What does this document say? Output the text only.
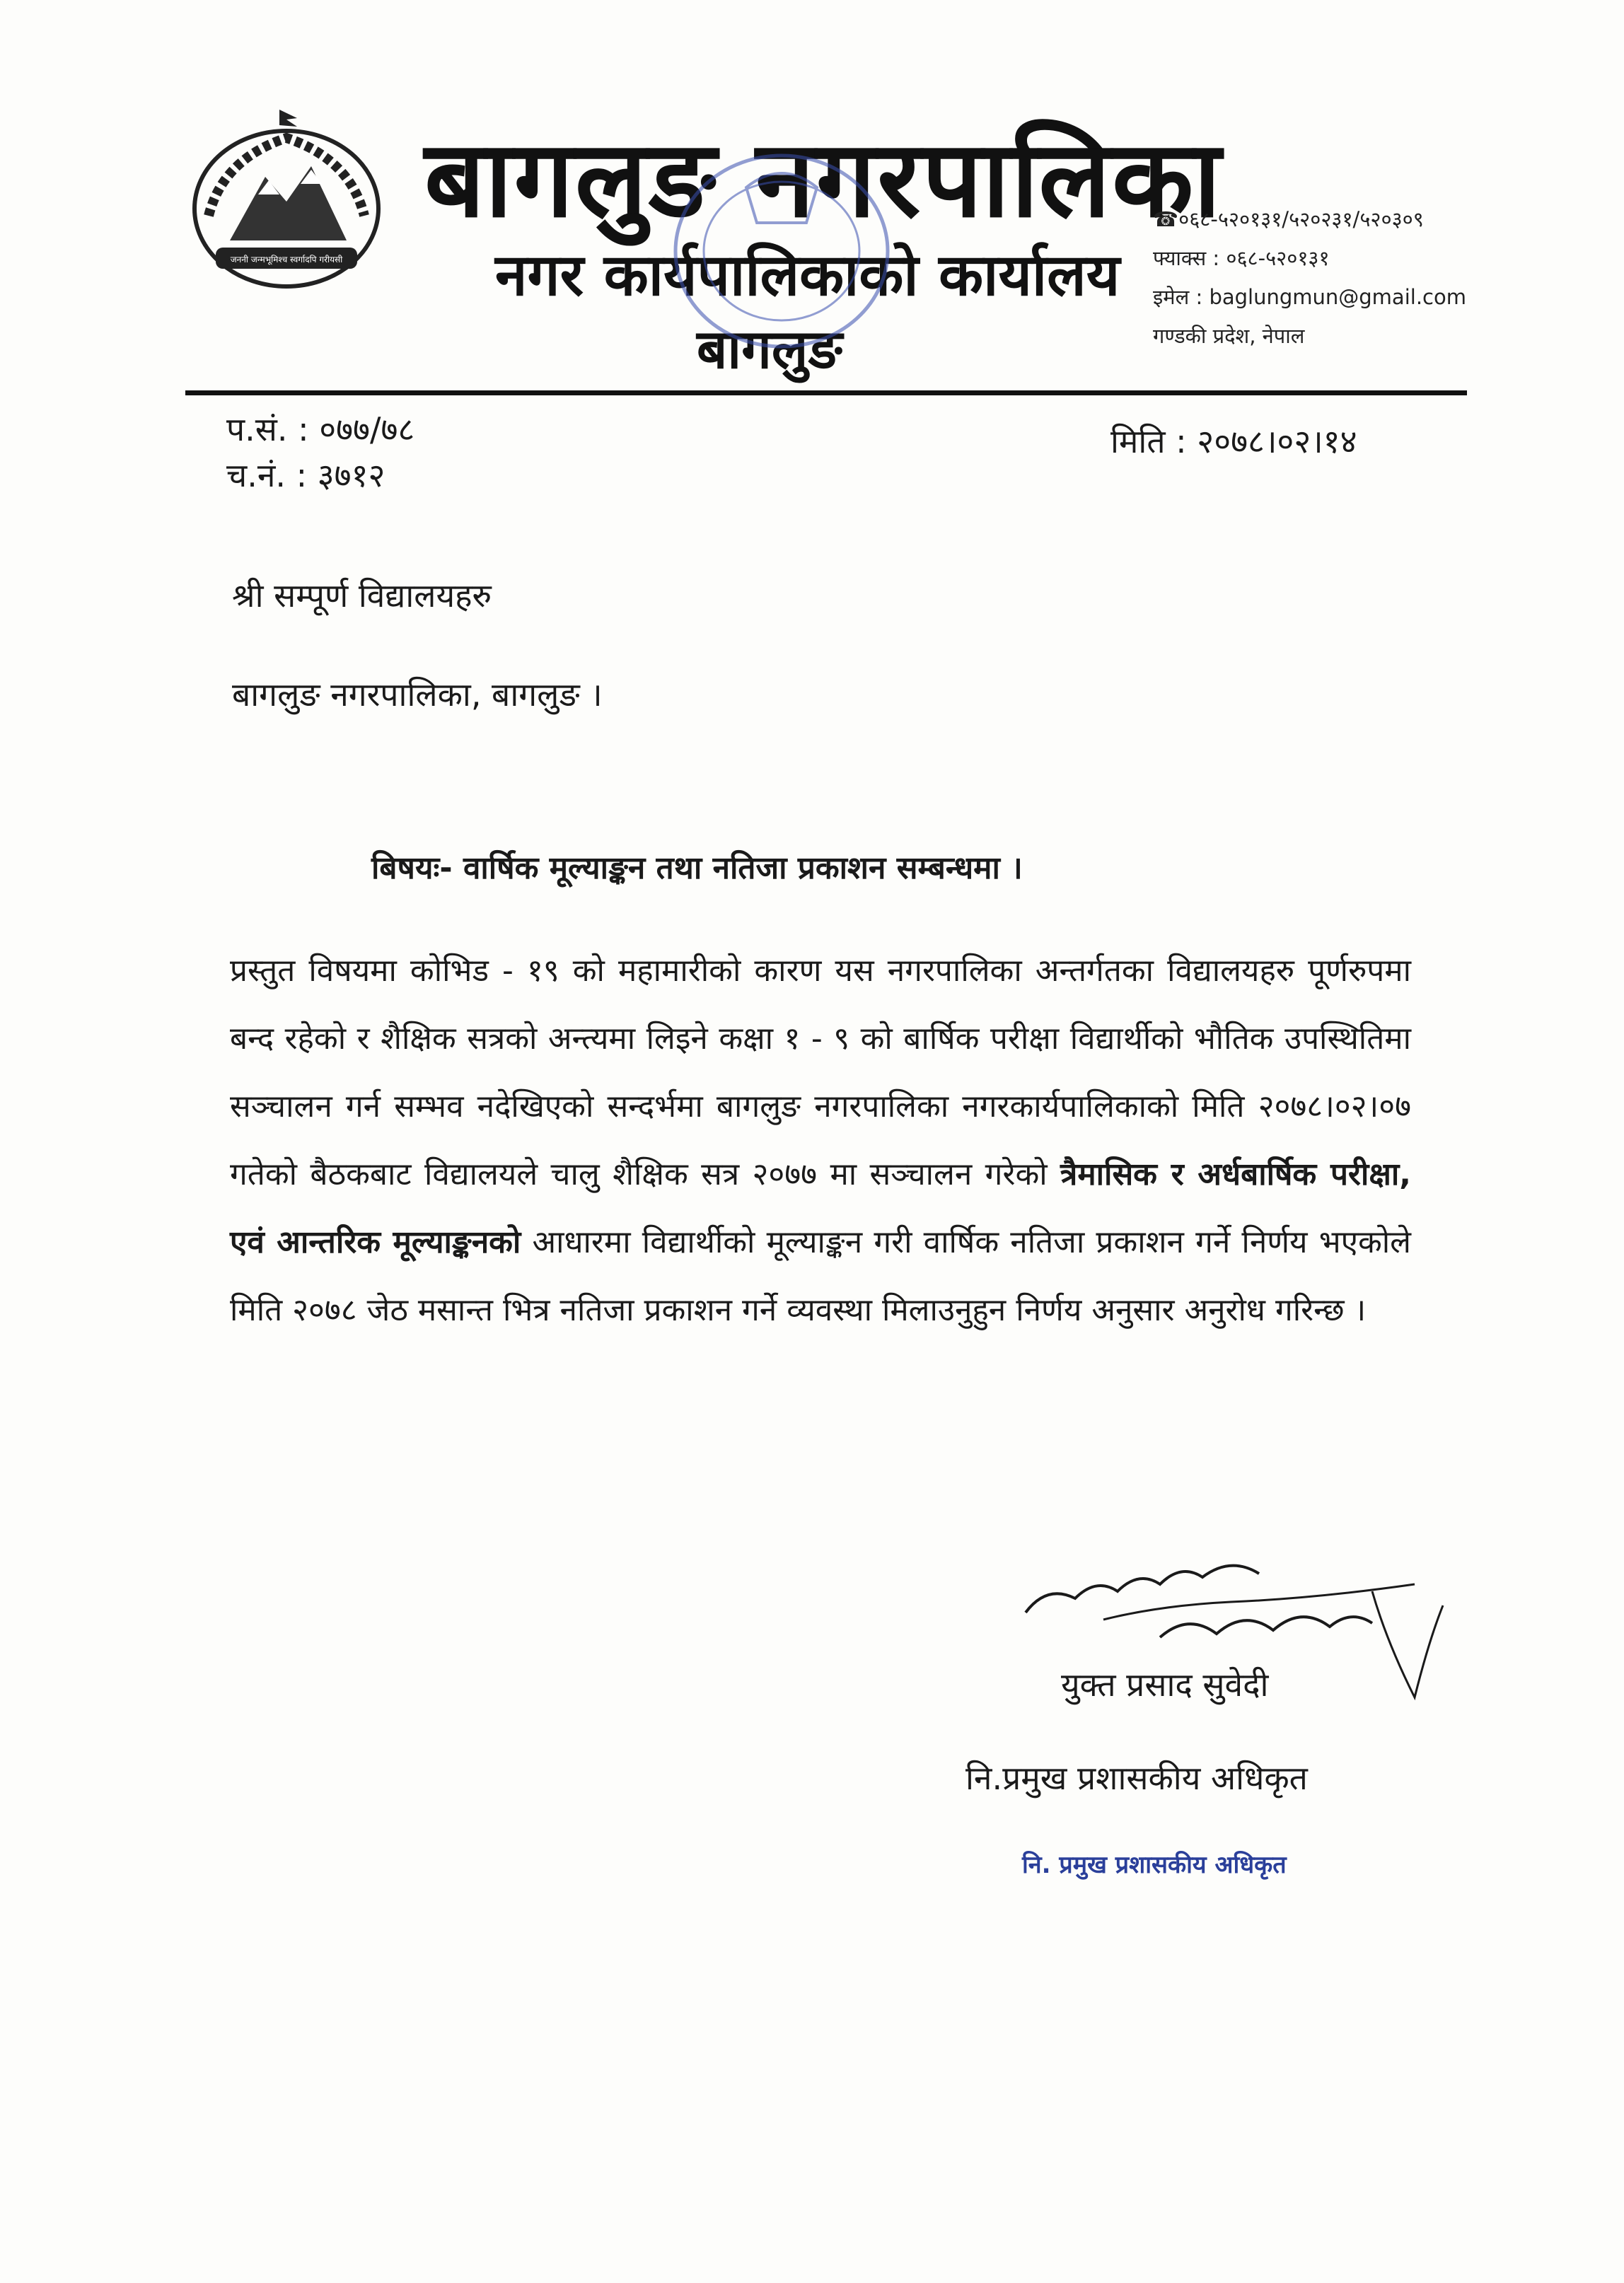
जननी जन्मभूमिश्च स्वर्गादपि गरीयसी
बागलुङ नगरपालिका
नगर कार्यपालिकाको कार्यालय
बागलुङ
☎०६८-५२०१३१/५२०२३१/५२०३०९
फ्याक्स : ०६८-५२०१३१
इमेल : baglungmun@gmail.com
गण्डकी प्रदेश, नेपाल
प.सं. : ०७७/७८
च.नं. : ३७१२
मिति : २०७८।०२।१४
श्री सम्पूर्ण विद्यालयहरु
बागलुङ नगरपालिका, बागलुङ ।
बिषयः- वार्षिक मूल्याङ्कन तथा नतिजा प्रकाशन सम्बन्धमा ।
प्रस्तुत विषयमा कोभिड - १९ को महामारीको कारण यस नगरपालिका अन्तर्गतका विद्यालयहरु पूर्णरुपमा बन्द रहेको र शैक्षिक सत्रको अन्त्यमा लिइने कक्षा १ - ९ को बार्षिक परीक्षा विद्यार्थीको भौतिक उपस्थितिमा सञ्चालन गर्न सम्भव नदेखिएको सन्दर्भमा बागलुङ नगरपालिका नगरकार्यपालिकाको मिति २०७८।०२।०७ गतेको बैठकबाट विद्यालयले चालु शैक्षिक सत्र २०७७ मा सञ्चालन गरेको त्रैमासिक र अर्धबार्षिक परीक्षा, एवं आन्तरिक मूल्याङ्कनको आधारमा विद्यार्थीको मूल्याङ्कन गरी वार्षिक नतिजा प्रकाशन गर्ने निर्णय भएकोले मिति २०७८ जेठ मसान्त भित्र नतिजा प्रकाशन गर्ने व्यवस्था मिलाउनुहुन निर्णय अनुसार अनुरोध गरिन्छ ।
युक्त प्रसाद सुवेदी
नि.प्रमुख प्रशासकीय अधिकृत
नि. प्रमुख प्रशासकीय अधिकृत
